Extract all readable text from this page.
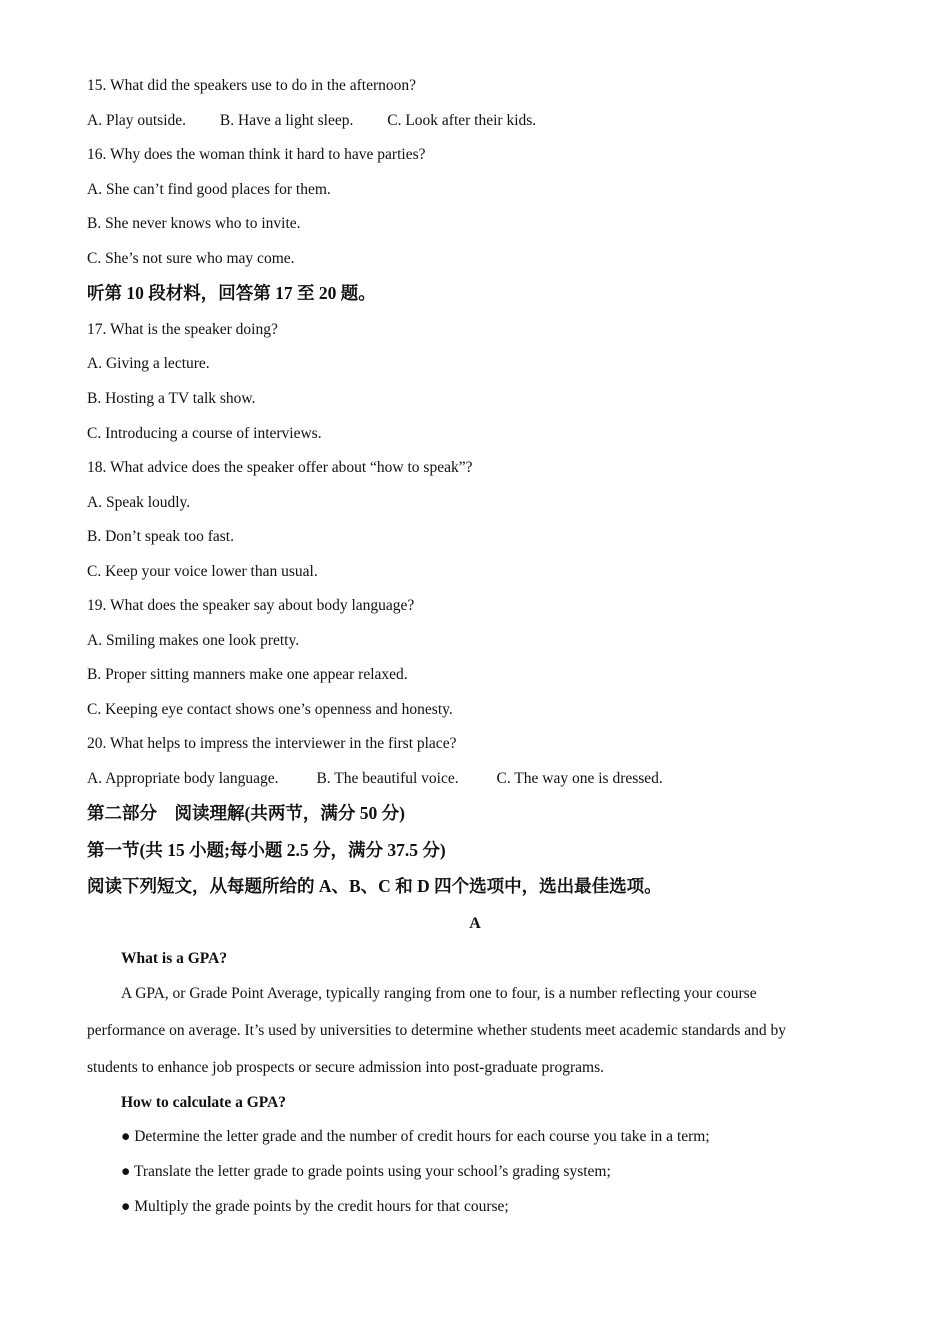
15. What did the speakers use to do in the afternoon?
A. Play outside. B. Have a light sleep. C. Look after their kids.
16. Why does the woman think it hard to have parties?
A. She can’t find good places for them.
B. She never knows who to invite.
C. She’s not sure who may come.
听第 10 段材料，回答第 17 至 20 题。
17. What is the speaker doing?
A. Giving a lecture.
B. Hosting a TV talk show.
C. Introducing a course of interviews.
18. What advice does the speaker offer about “how to speak”?
A. Speak loudly.
B. Don’t speak too fast.
C. Keep your voice lower than usual.
19. What does the speaker say about body language?
A. Smiling makes one look pretty.
B. Proper sitting manners make one appear relaxed.
C. Keeping eye contact shows one’s openness and honesty.
20. What helps to impress the interviewer in the first place?
A. Appropriate body language. B. The beautiful voice. C. The way one is dressed.
第二部分　阅读理解(共两节，满分 50 分)
第一节(共 15 小题;每小题 2.5 分，满分 37.5 分)
阅读下列短文，从每题所给的 A、B、C 和 D 四个选项中，选出最佳选项。
A
What is a GPA?
A GPA, or Grade Point Average, typically ranging from one to four, is a number reflecting your course
performance on average. It’s used by universities to determine whether students meet academic standards and by
students to enhance job prospects or secure admission into post-graduate programs.
How to calculate a GPA?
● Determine the letter grade and the number of credit hours for each course you take in a term;
● Translate the letter grade to grade points using your school’s grading system;
● Multiply the grade points by the credit hours for that course;
